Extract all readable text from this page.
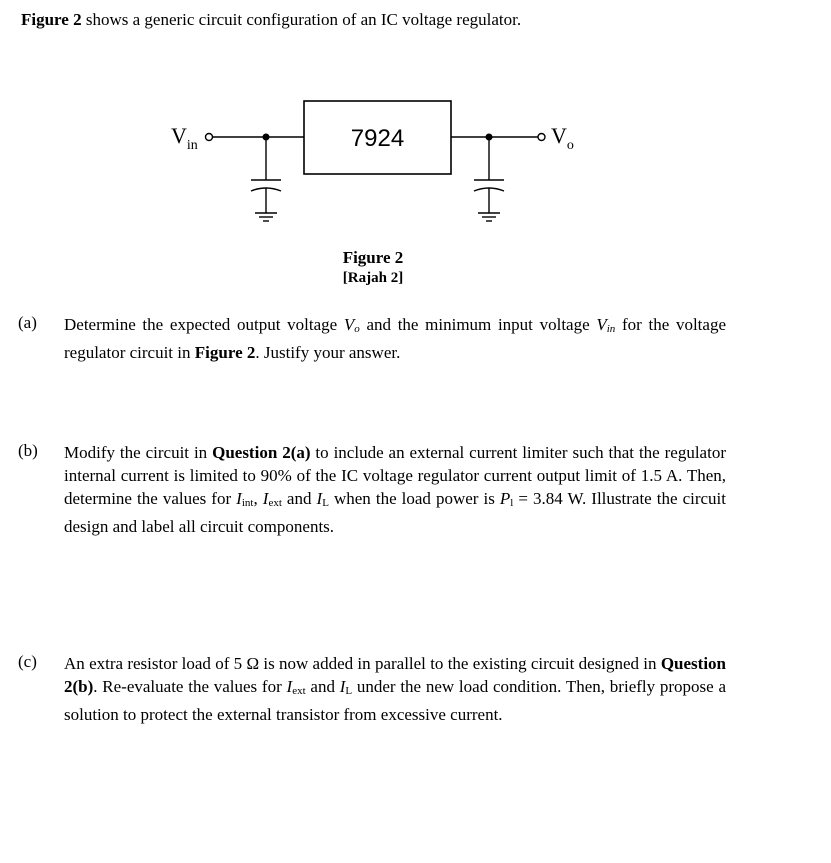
Figure 2 shows a generic circuit configuration of an IC voltage regulator.
$V_{in}$	7924	$V_o$
Figure 2
[Rajah 2]
(a) Determine the expected output voltage $V_o$ and the minimum input voltage $V_{in}$ for the voltage regulator circuit in Figure 2. Justify your answer.
(b) Modify the circuit in Question 2(a) to include an external current limiter such that the regulator internal current is limited to 90% of the IC voltage regulator current output limit of 1.5 A. Then, determine the values for $I_{int}$, $I_{ext}$ and $I_L$ when the load power is $P_l = 3.84$ W. Illustrate the circuit design and label all circuit components.
(c) An extra resistor load of 5 Ω is now added in parallel to the existing circuit designed in Question 2(b). Re-evaluate the values for $I_{ext}$ and $I_L$ under the new load condition. Then, briefly propose a solution to protect the external transistor from excessive current.
